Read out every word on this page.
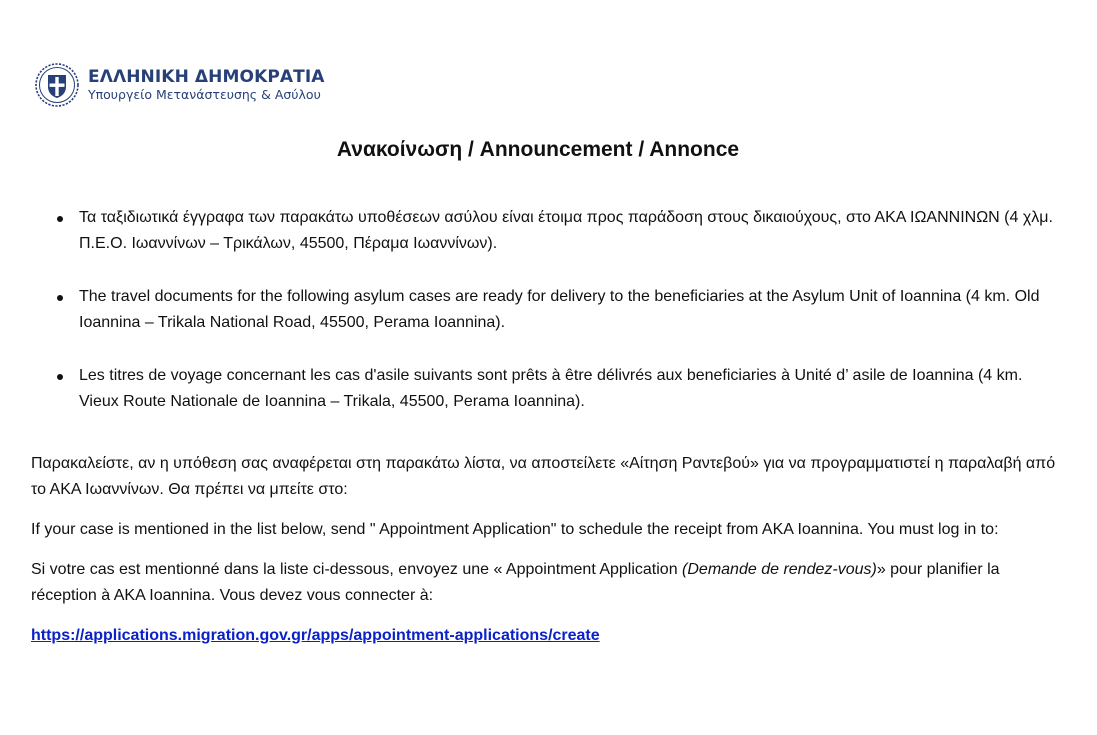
ΕΛΛΗΝΙΚΗ ΔΗΜΟΚΡΑΤΙΑ
Υπουργείο Μετανάστευσης & Ασύλου
Ανακοίνωση / Announcement / Annonce
Τα ταξιδιωτικά έγγραφα των παρακάτω υποθέσεων ασύλου είναι έτοιμα προς παράδοση στους δικαιούχους, στο ΑΚΑ ΙΩΑΝΝΙΝΩΝ (4 χλμ. Π.Ε.Ο. Ιωαννίνων – Τρικάλων, 45500, Πέραμα Ιωαννίνων).
The travel documents for the following asylum cases are ready for delivery to the beneficiaries at the Asylum Unit of Ioannina (4 km. Old Ioannina – Trikala National Road, 45500, Perama Ioannina).
Les titres de voyage concernant les cas d'asile suivants sont prêts à être délivrés aux beneficiaries à Unité d’ asile de Ioannina (4 km. Vieux Route Nationale de Ioannina – Trikala, 45500, Perama Ioannina).

Παρακαλείστε, αν η υπόθεση σας αναφέρεται στη παρακάτω λίστα, να αποστείλετε «Αίτηση Ραντεβού» για να προγραμματιστεί η παραλαβή από το ΑΚΑ Ιωαννίνων. Θα πρέπει να μπείτε στο:

If your case is mentioned in the list below, send " Appointment Application" to schedule the receipt from AKA Ioannina. You must log in to:

Si votre cas est mentionné dans la liste ci-dessous, envoyez une « Appointment Application (Demande de rendez-vous)» pour planifier la réception à AKA Ioannina. Vous devez vous connecter à:

https://applications.migration.gov.gr/apps/appointment-applications/create
